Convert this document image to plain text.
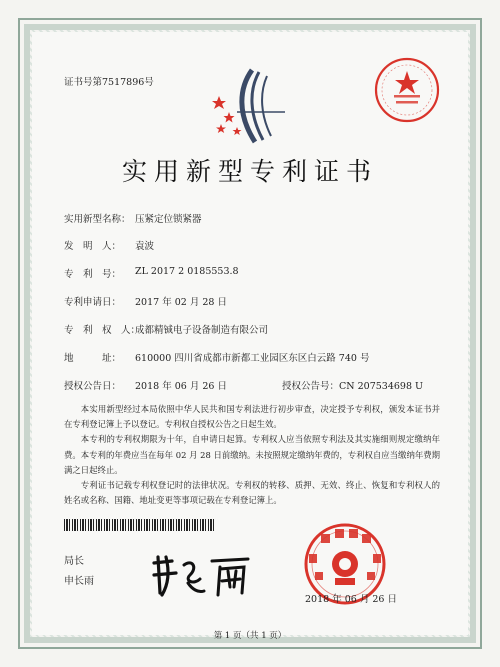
证书号第7517896号
实用新型专利证书
实用新型名称： 压紧定位锁紧器
发　明　人： 袁波
专　利　号： ZL 2017 2 0185553.8
专利申请日： 2017 年 02 月 28 日
专　利　权　人：
成都精铖电子设备制造有限公司
地　　　址： 610000 四川省成都市新都工业园区东区白云路 740 号
授权公告日： 2018 年 06 月 26 日	授权公告号：CN 207534698 U

本实用新型经过本局依照中华人民共和国专利法进行初步审查，决定授予专利权，颁发本证书并在专利登记簿上予以登记。专利权自授权公告之日起生效。

本专利的专利权期限为十年，自申请日起算。专利权人应当依照专利法及其实施细则规定缴纳年费。本专利的年费应当在每年 02 月 28 日前缴纳。未按照规定缴纳年费的，专利权自应当缴纳年费期满之日起终止。

专利证书记载专利权登记时的法律状况。专利权的转移、质押、无效、终止、恢复和专利权人的姓名或名称、国籍、地址变更等事项记载在专利登记簿上。

局长
申长雨
2018 年 06 月 26 日
第 1 页（共 1 页）
